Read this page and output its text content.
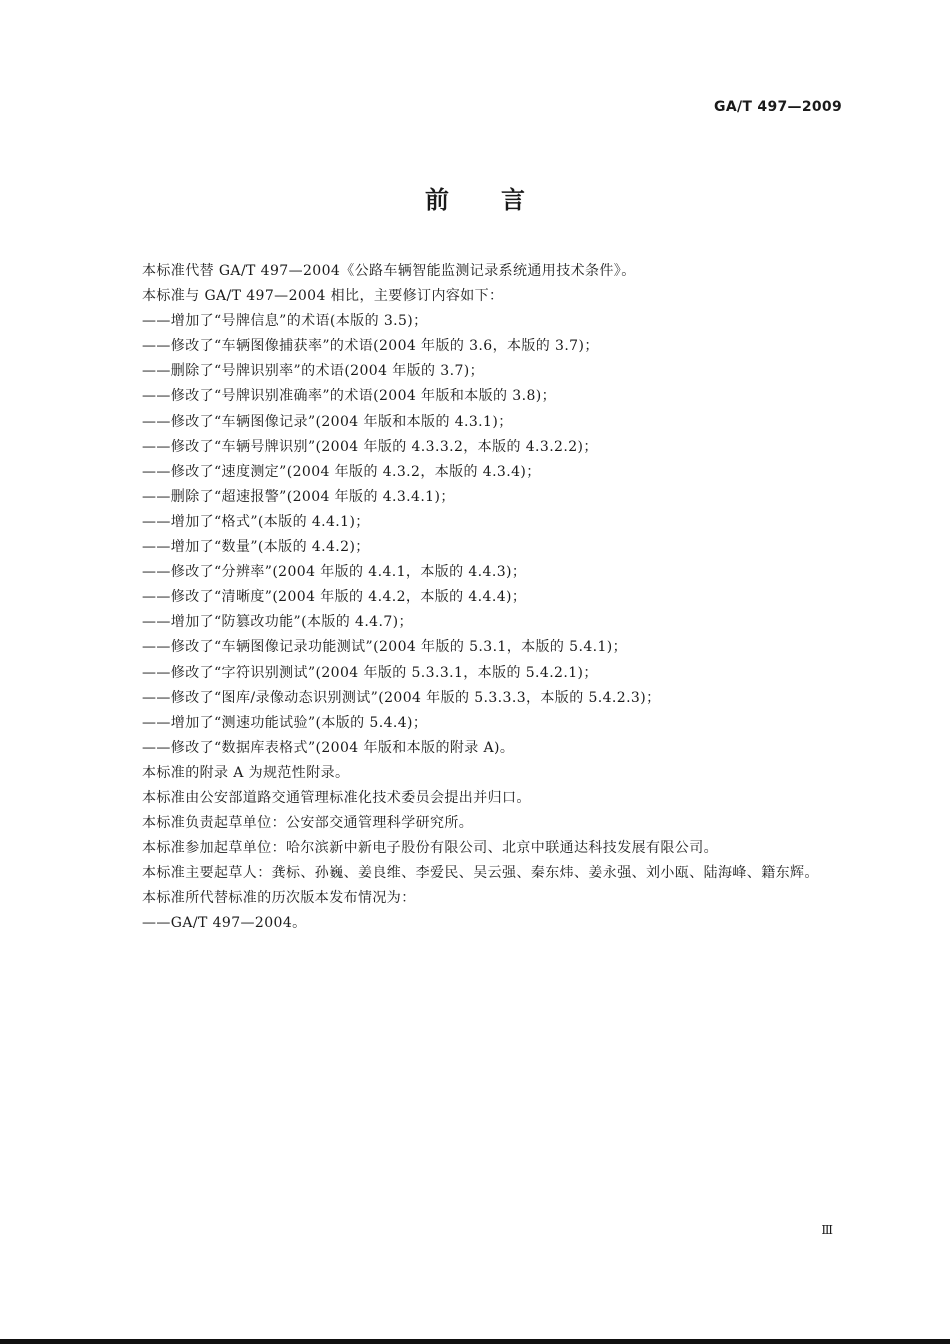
GA/T 497—2009
前 言
本标准代替 GA/T 497—2004《公路车辆智能监测记录系统通用技术条件》。
本标准与 GA/T 497—2004 相比，主要修订内容如下：
——增加了“号牌信息”的术语(本版的 3.5)；
——修改了“车辆图像捕获率”的术语(2004 年版的 3.6，本版的 3.7)；
——删除了“号牌识别率”的术语(2004 年版的 3.7)；
——修改了“号牌识别准确率”的术语(2004 年版和本版的 3.8)；
——修改了“车辆图像记录”(2004 年版和本版的 4.3.1)；
——修改了“车辆号牌识别”(2004 年版的 4.3.3.2，本版的 4.3.2.2)；
——修改了“速度测定”(2004 年版的 4.3.2，本版的 4.3.4)；
——删除了“超速报警”(2004 年版的 4.3.4.1)；
——增加了“格式”(本版的 4.4.1)；
——增加了“数量”(本版的 4.4.2)；
——修改了“分辨率”(2004 年版的 4.4.1，本版的 4.4.3)；
——修改了“清晰度”(2004 年版的 4.4.2，本版的 4.4.4)；
——增加了“防篡改功能”(本版的 4.4.7)；
——修改了“车辆图像记录功能测试”(2004 年版的 5.3.1，本版的 5.4.1)；
——修改了“字符识别测试”(2004 年版的 5.3.3.1，本版的 5.4.2.1)；
——修改了“图库/录像动态识别测试”(2004 年版的 5.3.3.3，本版的 5.4.2.3)；
——增加了“测速功能试验”(本版的 5.4.4)；
——修改了“数据库表格式”(2004 年版和本版的附录 A)。
本标准的附录 A 为规范性附录。
本标准由公安部道路交通管理标准化技术委员会提出并归口。
本标准负责起草单位：公安部交通管理科学研究所。
本标准参加起草单位：哈尔滨新中新电子股份有限公司、北京中联通达科技发展有限公司。
本标准主要起草人：龚标、孙巍、姜良维、李爱民、吴云强、秦东炜、姜永强、刘小瓯、陆海峰、籍东辉。
本标准所代替标准的历次版本发布情况为：
——GA/T 497—2004。
Ⅲ
